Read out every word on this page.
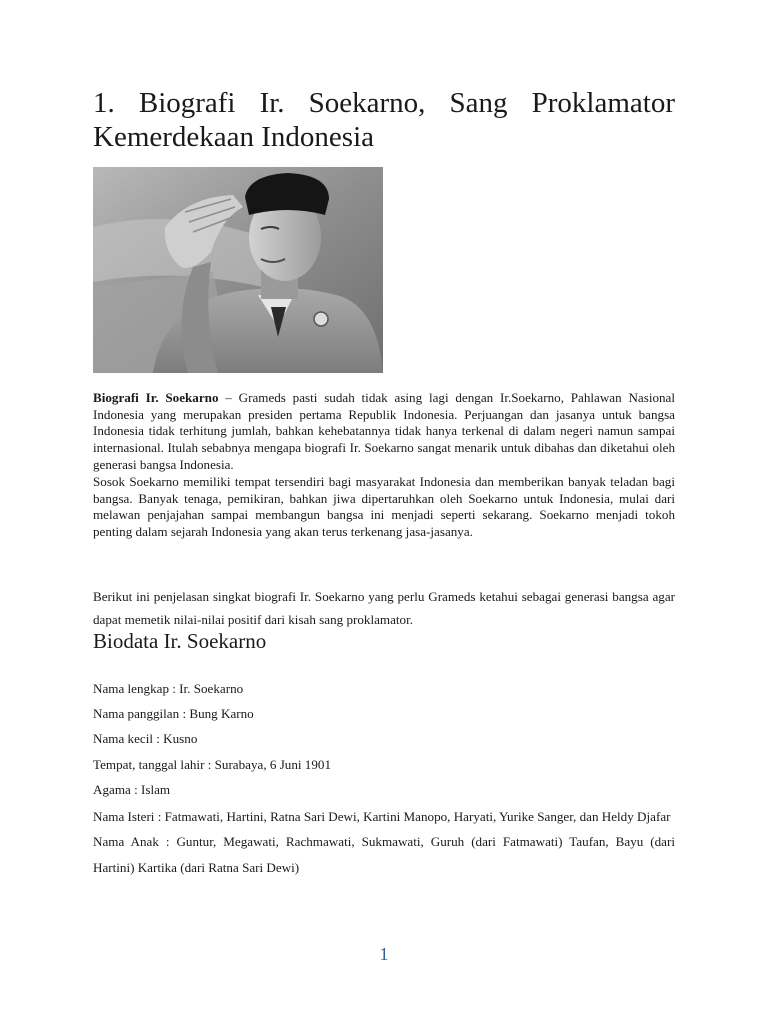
1. Biografi Ir. Soekarno, Sang Proklamator Kemerdekaan Indonesia

Biografi Ir. Soekarno – Grameds pasti sudah tidak asing lagi dengan Ir.Soekarno, Pahlawan Nasional Indonesia yang merupakan presiden pertama Republik Indonesia. Perjuangan dan jasanya untuk bangsa Indonesia tidak terhitung jumlah, bahkan kehebatannya tidak hanya terkenal di dalam negeri namun sampai internasional. Itulah sebabnya mengapa biografi Ir. Soekarno sangat menarik untuk dibahas dan diketahui oleh generasi bangsa Indonesia.

Sosok Soekarno memiliki tempat tersendiri bagi masyarakat Indonesia dan memberikan banyak teladan bagi bangsa. Banyak tenaga, pemikiran, bahkan jiwa dipertaruhkan oleh Soekarno untuk Indonesia, mulai dari melawan penjajahan sampai membangun bangsa ini menjadi seperti sekarang. Soekarno menjadi tokoh penting dalam sejarah Indonesia yang akan terus terkenang jasa-jasanya.

Berikut ini penjelasan singkat biografi Ir. Soekarno yang perlu Grameds ketahui sebagai generasi bangsa agar dapat memetik nilai-nilai positif dari kisah sang proklamator.

Biodata Ir. Soekarno
Nama lengkap : Ir. Soekarno
Nama panggilan : Bung Karno
Nama kecil : Kusno
Tempat, tanggal lahir : Surabaya, 6 Juni 1901
Agama : Islam
Nama Isteri : Fatmawati, Hartini, Ratna Sari Dewi, Kartini Manopo, Haryati, Yurike Sanger, dan Heldy Djafar
Nama Anak : Guntur, Megawati, Rachmawati, Sukmawati, Guruh (dari Fatmawati) Taufan, Bayu (dari Hartini) Kartika (dari Ratna Sari Dewi)
1
